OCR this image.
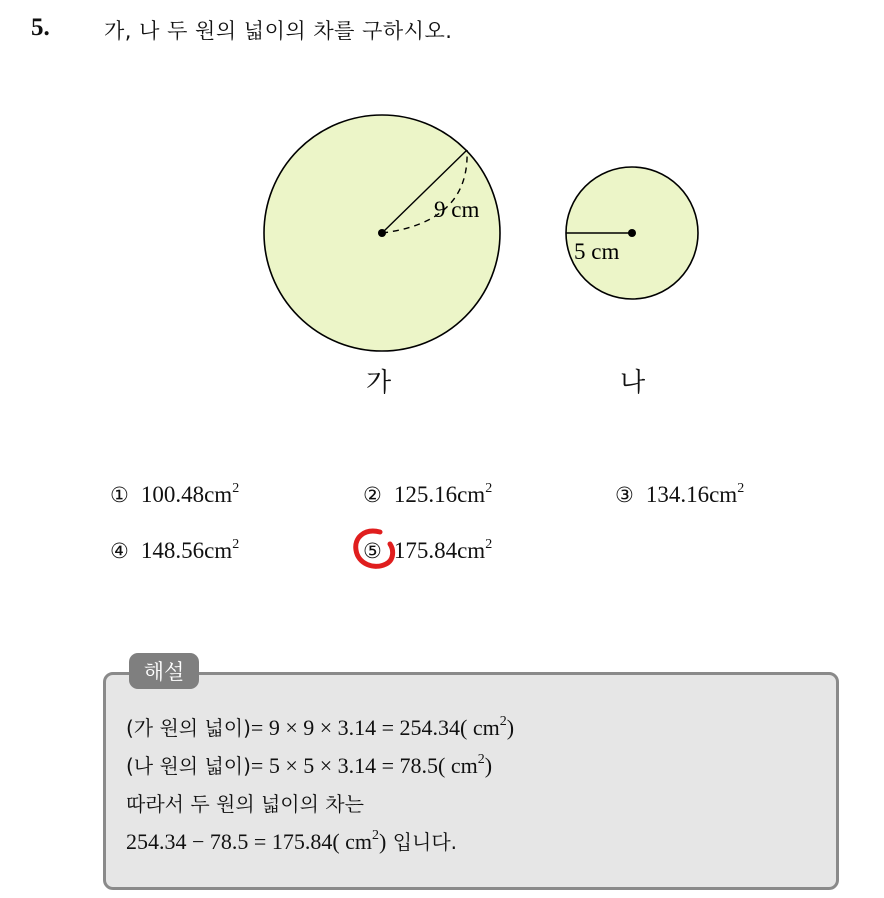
5.	가, 나 두 원의 넓이의 차를 구하시오.
9 cm
5 cm
가	나
① 100.48 cm $^2$	② 125.16 cm $^2$	③ 134.16 cm $^2$
④ 148.56 cm $^2$	⑤ 175.84 cm $^2$
해설
(가 원의 넓이)= 9 × 9 × 3.14 = 254.34( $cm^2$)
(나 원의 넓이)= 5 × 5 × 3.14 = 78.5( $cm^2$)
따라서 두 원의 넓이의 차는
254.34 − 78.5 = 175.84( $cm^2$) 입니다.
